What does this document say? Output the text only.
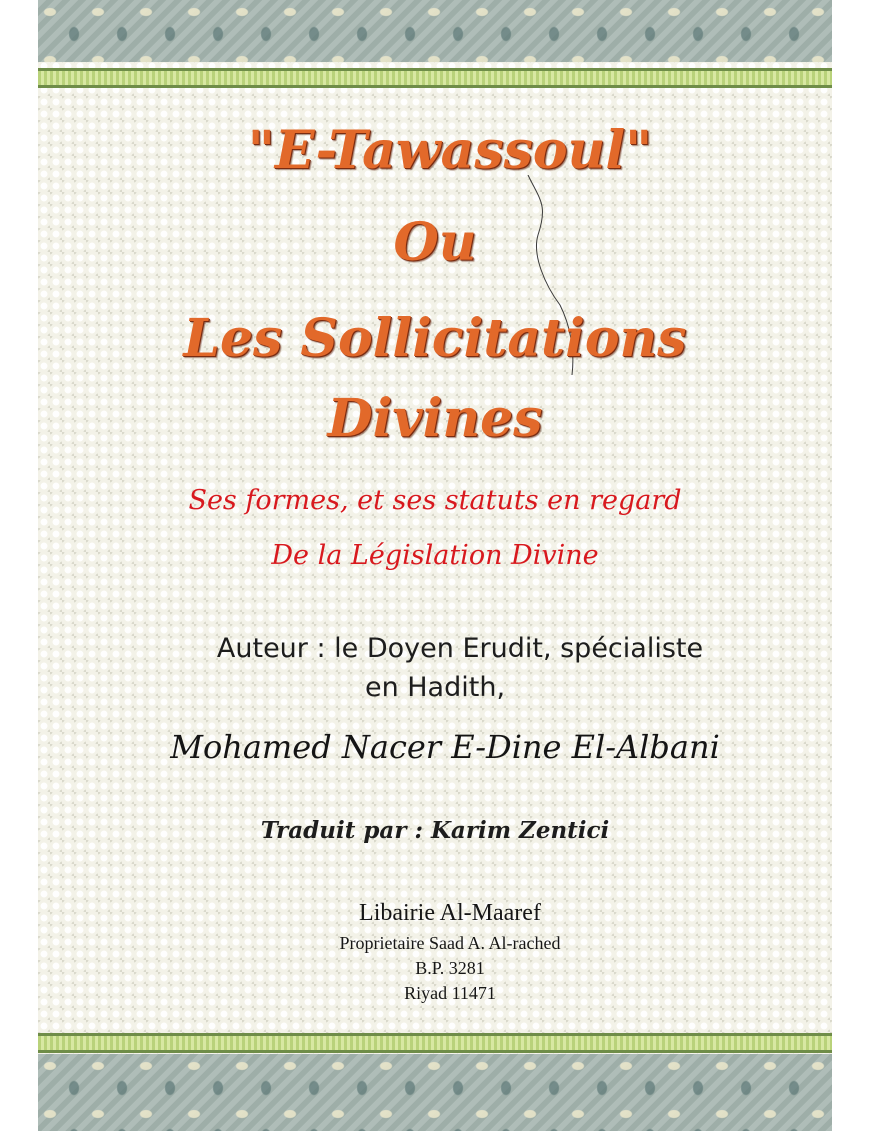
"E-Tawassoul"
Ou
Les Sollicitations
Divines
Ses formes, et ses statuts en regard
De la Législation Divine
Auteur : le Doyen Erudit, spécialiste
en Hadith,
Mohamed Nacer E-Dine El-Albani
Traduit par : Karim Zentici
Libairie Al-Maaref
Proprietaire Saad A. Al-rached
B.P. 3281
Riyad 11471
